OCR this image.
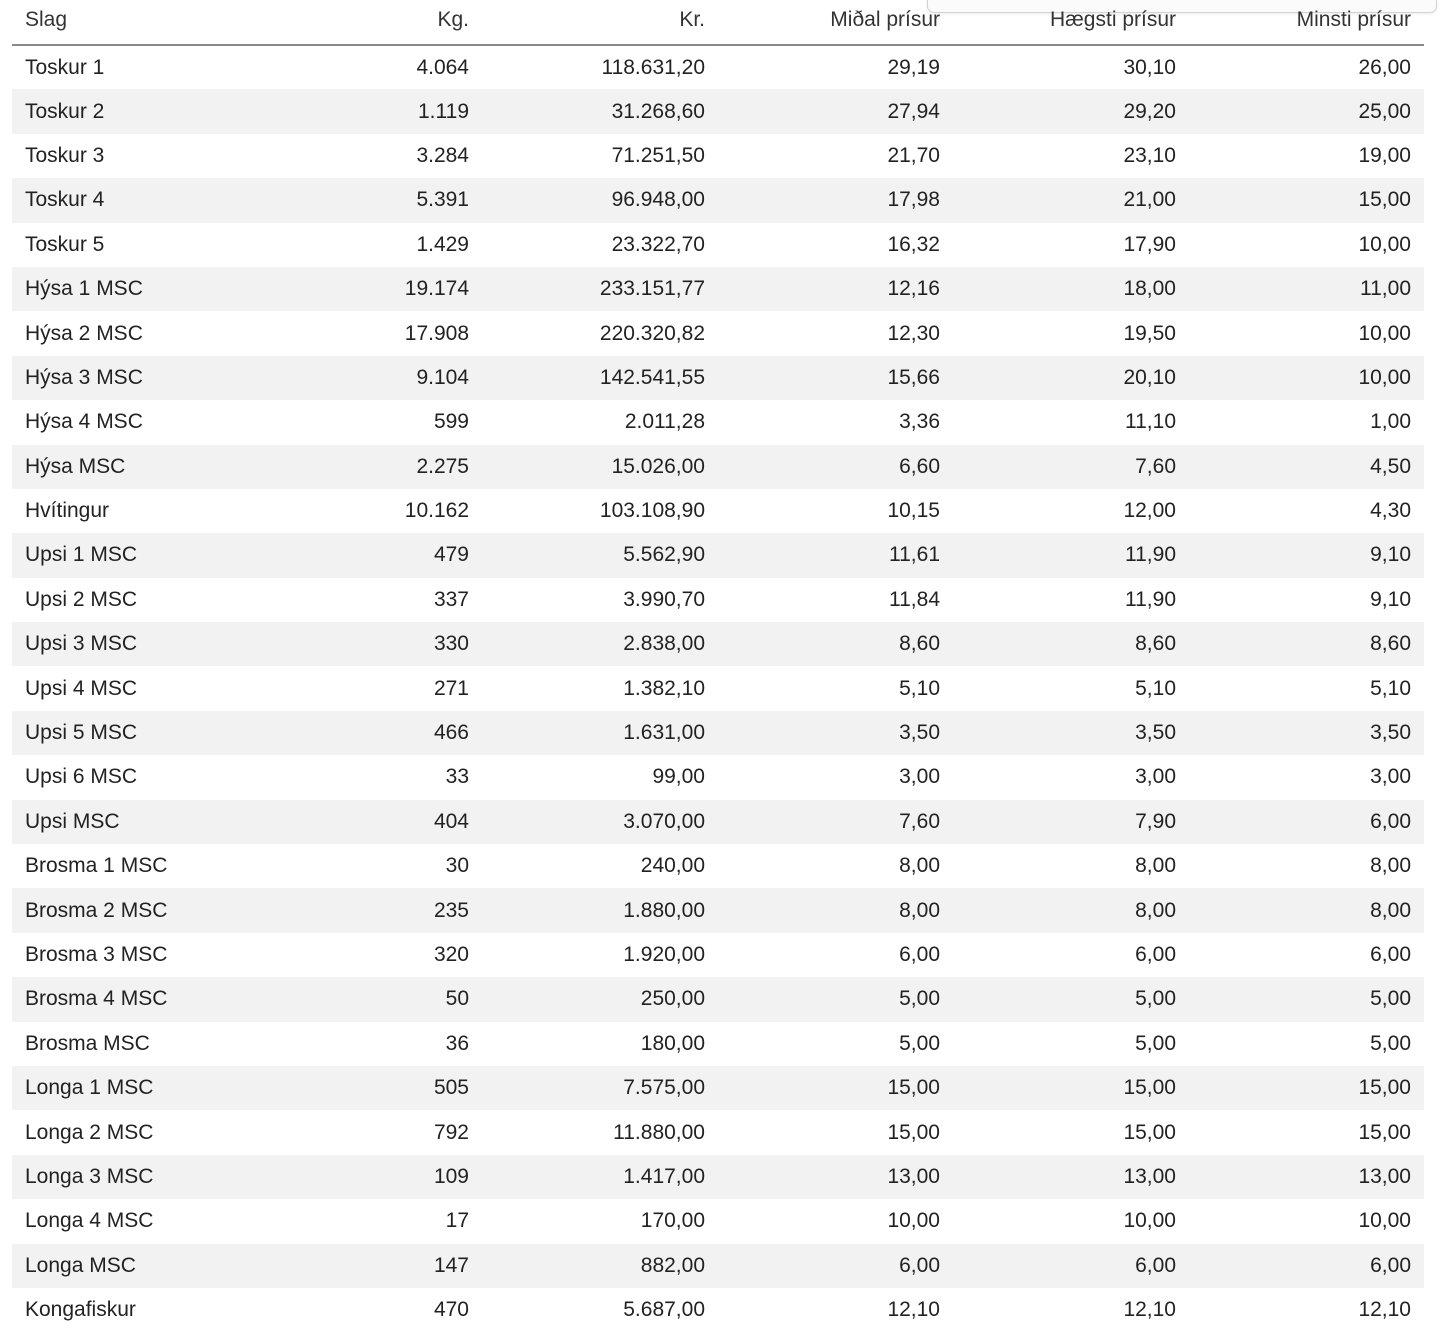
Slag	Kg.	Kr.	Miðal prísur	Hægsti prísur	Minsti prísur
Toskur 1	4.064	118.631,20	29,19	30,10	26,00
Toskur 2	1.119	31.268,60	27,94	29,20	25,00
Toskur 3	3.284	71.251,50	21,70	23,10	19,00
Toskur 4	5.391	96.948,00	17,98	21,00	15,00
Toskur 5	1.429	23.322,70	16,32	17,90	10,00
Hýsa 1 MSC	19.174	233.151,77	12,16	18,00	11,00
Hýsa 2 MSC	17.908	220.320,82	12,30	19,50	10,00
Hýsa 3 MSC	9.104	142.541,55	15,66	20,10	10,00
Hýsa 4 MSC	599	2.011,28	3,36	11,10	1,00
Hýsa MSC	2.275	15.026,00	6,60	7,60	4,50
Hvítingur	10.162	103.108,90	10,15	12,00	4,30
Upsi 1 MSC	479	5.562,90	11,61	11,90	9,10
Upsi 2 MSC	337	3.990,70	11,84	11,90	9,10
Upsi 3 MSC	330	2.838,00	8,60	8,60	8,60
Upsi 4 MSC	271	1.382,10	5,10	5,10	5,10
Upsi 5 MSC	466	1.631,00	3,50	3,50	3,50
Upsi 6 MSC	33	99,00	3,00	3,00	3,00
Upsi MSC	404	3.070,00	7,60	7,90	6,00
Brosma 1 MSC	30	240,00	8,00	8,00	8,00
Brosma 2 MSC	235	1.880,00	8,00	8,00	8,00
Brosma 3 MSC	320	1.920,00	6,00	6,00	6,00
Brosma 4 MSC	50	250,00	5,00	5,00	5,00
Brosma MSC	36	180,00	5,00	5,00	5,00
Longa 1 MSC	505	7.575,00	15,00	15,00	15,00
Longa 2 MSC	792	11.880,00	15,00	15,00	15,00
Longa 3 MSC	109	1.417,00	13,00	13,00	13,00
Longa 4 MSC	17	170,00	10,00	10,00	10,00
Longa MSC	147	882,00	6,00	6,00	6,00
Kongafiskur	470	5.687,00	12,10	12,10	12,10
